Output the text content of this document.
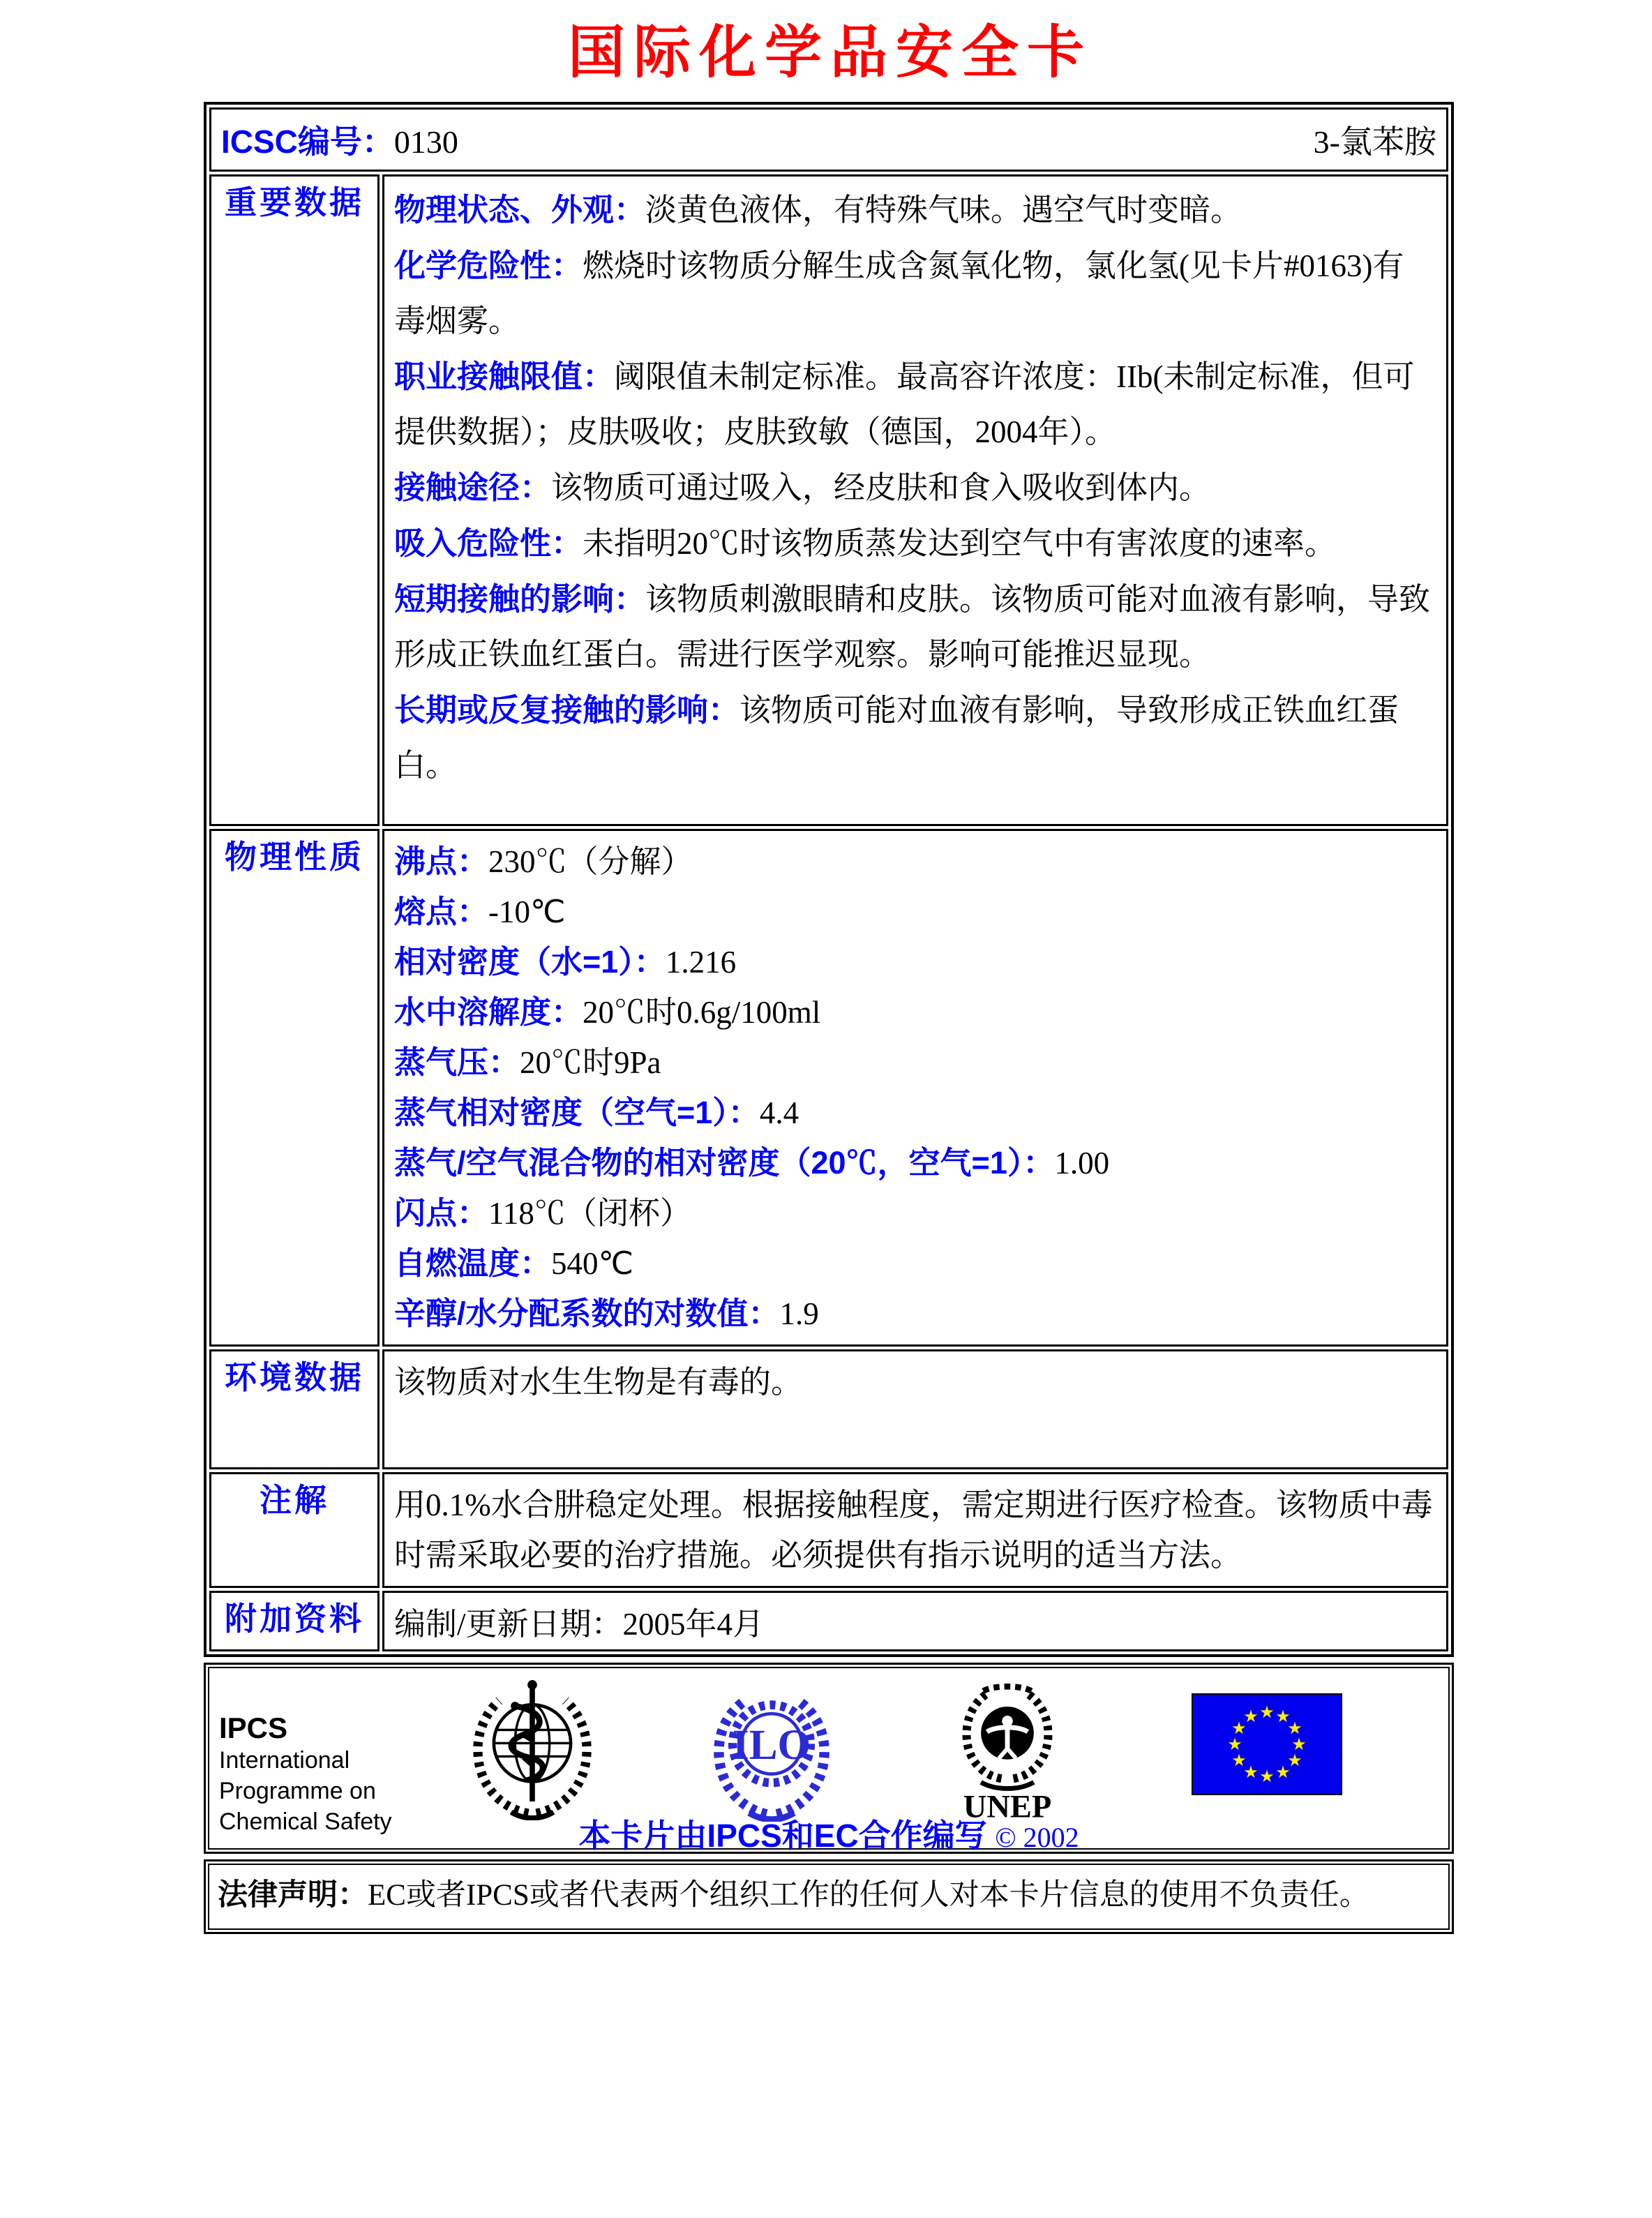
国际化学品安全卡
ICSC编号：0130 3-氯苯胺	

重要数据	物理状态、外观：淡黄色液体，有特殊气味。遇空气时变暗。
化学危险性：燃烧时该物质分解生成含氮氧化物，氯化氢(见卡片#0163)有毒烟雾。
职业接触限值：阈限值未制定标准。最高容许浓度：IIb(未制定标准，但可提供数据）；皮肤吸收；皮肤致敏（德国，2004年）。
接触途径：该物质可通过吸入，经皮肤和食入吸收到体内。
吸入危险性：未指明20℃时该物质蒸发达到空气中有害浓度的速率。
短期接触的影响：该物质刺激眼睛和皮肤。该物质可能对血液有影响，导致形成正铁血红蛋白。需进行医学观察。影响可能推迟显现。
长期或反复接触的影响：该物质可能对血液有影响，导致形成正铁血红蛋白。

物理性质	沸点：230℃（分解）
熔点：-10℃
相对密度（水=1）：1.216
水中溶解度：20℃时0.6g/100ml
蒸气压：20℃时9Pa
蒸气相对密度（空气=1）：4.4
蒸气/空气混合物的相对密度（20℃，空气=1）：1.00
闪点：118℃（闭杯）
自燃温度：540℃
辛醇/水分配系数的对数值：1.9

环境数据	该物质对水生生物是有毒的。

注解	用0.1%水合肼稳定处理。根据接触程度，需定期进行医疗检查。该物质中毒时需采取必要的治疗措施。必须提供有指示说明的适当方法。

附加资料	编制/更新日期：2005年4月
IPCS
International
Programme on
Chemical Safety
ILO
UNEP
★ ★
★
★
★
★
★
★
★
★
★
★
本卡片由IPCS和EC合作编写 © 2002
法律声明：EC或者IPCS或者代表两个组织工作的任何人对本卡片信息的使用不负责任。
